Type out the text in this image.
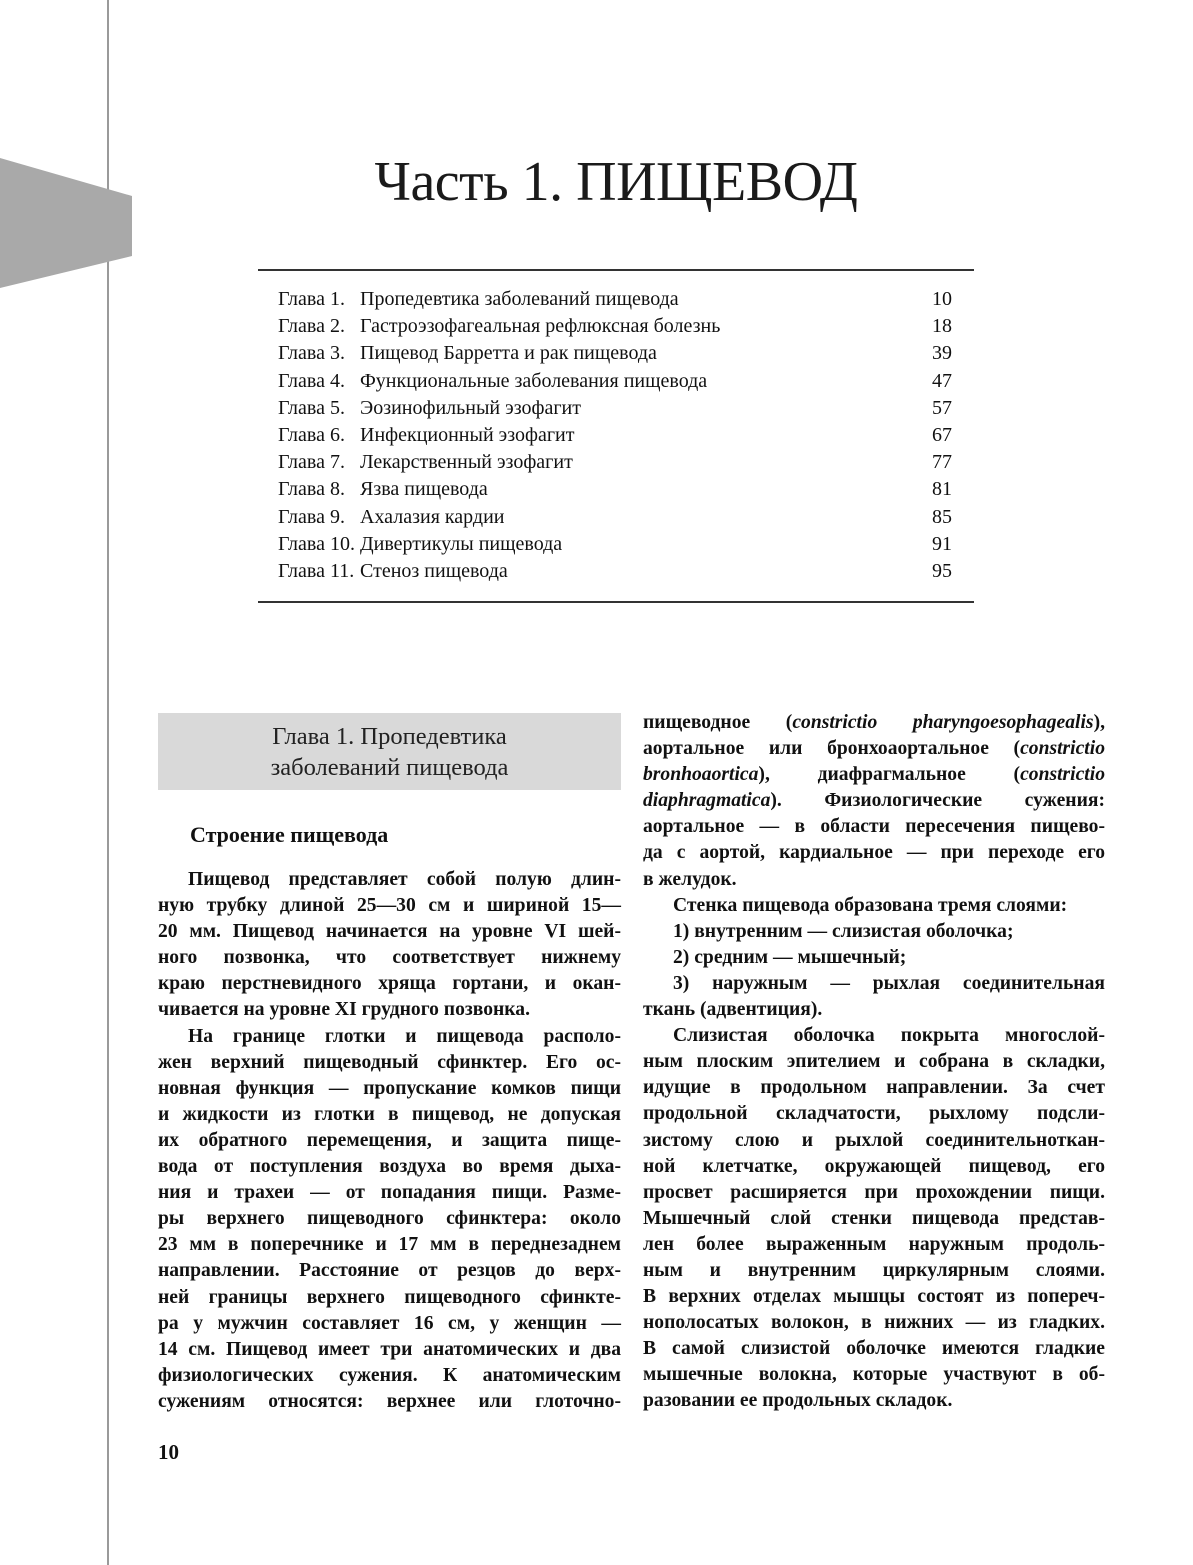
Часть 1. ПИЩЕВОД
Глава 1. Пропедевтика заболеваний пищевода	10
Глава 2. Гастроэзофагеальная рефлюксная болезнь	18
Глава 3. Пищевод Барретта и рак пищевода	39
Глава 4. Функциональные заболевания пищевода	47
Глава 5. Эозинофильный эзофагит	57
Глава 6. Инфекционный эзофагит	67
Глава 7. Лекарственный эзофагит	77
Глава 8. Язва пищевода	81
Глава 9. Ахалазия кардии	85
Глава 10. Дивертикулы пищевода	91
Глава 11. Стеноз пищевода	95
Глава 1. Пропедевтика
заболеваний пищевода
Строение пищевода
Пищевод представляет собой полую длин-
ную трубку длиной 25—30 см и шириной 15—
20 мм. Пищевод начинается на уровне VI шей-
ного позвонка, что соответствует нижнему
краю перстневидного хряща гортани, и окан-
чивается на уровне XI грудного позвонка.
На границе глотки и пищевода располо-
жен верхний пищеводный сфинктер. Его ос-
новная функция — пропускание комков пищи
и жидкости из глотки в пищевод, не допуская
их обратного перемещения, и защита пище-
вода от поступления воздуха во время дыха-
ния и трахеи — от попадания пищи. Разме-
ры верхнего пищеводного сфинктера: около
23 мм в поперечнике и 17 мм в переднезаднем
направлении. Расстояние от резцов до верх-
ней границы верхнего пищеводного сфинкте-
ра у мужчин составляет 16 см, у женщин —
14 см. Пищевод имеет три анатомических и два
физиологических сужения. К анатомическим
сужениям относятся: верхнее или глоточно-
пищеводное (constrictio pharyngoesophagealis),
аортальное или бронхоаортальное (constrictio
bronhoaortica), диафрагмальное (constrictio
diaphragmatica). Физиологические сужения:
аортальное — в области пересечения пищево-
да с аортой, кардиальное — при переходе его
в желудок.
Стенка пищевода образована тремя слоями:
1) внутренним — слизистая оболочка;
2) средним — мышечный;
3) наружным — рыхлая соединительная
ткань (адвентиция).
Слизистая оболочка покрыта многослой-
ным плоским эпителием и собрана в складки,
идущие в продольном направлении. За счет
продольной складчатости, рыхлому подсли-
зистому слою и рыхлой соединительноткан-
ной клетчатке, окружающей пищевод, его
просвет расширяется при прохождении пищи.
Мышечный слой стенки пищевода представ-
лен более выраженным наружным продоль-
ным и внутренним циркулярным слоями.
В верхних отделах мышцы состоят из попереч-
нополосатых волокон, в нижних — из гладких.
В самой слизистой оболочке имеются гладкие
мышечные волокна, которые участвуют в об-
разовании ее продольных складок.
10
